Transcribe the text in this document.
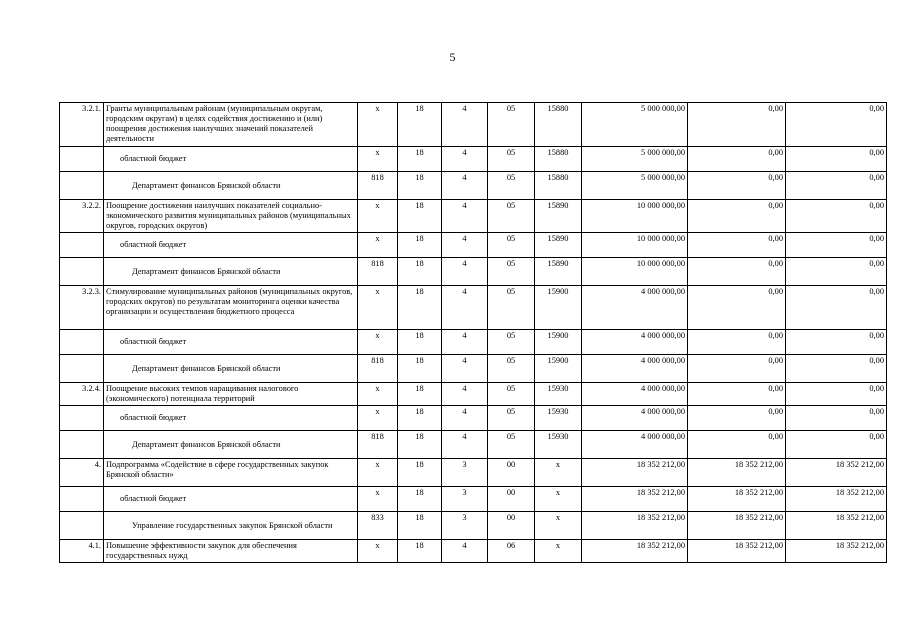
5
3.2.1.	Гранты муниципальным районам (муниципальным округам, городским округам) в целях содействия достижению и (или) поощрения достижения наилучших значений показателей деятельности	х	18	4	05	15880	5 000 000,00	0,00	0,00
	областной бюджет	х	18	4	05	15880	5 000 000,00	0,00	0,00
	Департамент финансов Брянской области	818	18	4	05	15880	5 000 000,00	0,00	0,00
3.2.2.	Поощрение достижения наилучших показателей социально-экономического развития муниципальных районов (муниципальных округов, городских округов)	х	18	4	05	15890	10 000 000,00	0,00	0,00
	областной бюджет	х	18	4	05	15890	10 000 000,00	0,00	0,00
	Департамент финансов Брянской области	818	18	4	05	15890	10 000 000,00	0,00	0,00
3.2.3.	Стимулирование муниципальных районов (муниципальных округов, городских округов) по результатам мониторинга оценки качества организации и осуществления бюджетного процесса	х	18	4	05	15900	4 000 000,00	0,00	0,00
	областной бюджет	х	18	4	05	15900	4 000 000,00	0,00	0,00
	Департамент финансов Брянской области	818	18	4	05	15900	4 000 000,00	0,00	0,00
3.2.4.	Поощрение высоких темпов наращивания налогового (экономического) потенциала территорий	х	18	4	05	15930	4 000 000,00	0,00	0,00
	областной бюджет	х	18	4	05	15930	4 000 000,00	0,00	0,00
	Департамент финансов Брянской области	818	18	4	05	15930	4 000 000,00	0,00	0,00
4.	Подпрограмма «Содействие в сфере государственных закупок Брянской области»	х	18	3	00	х	18 352 212,00	18 352 212,00	18 352 212,00
	областной бюджет	х	18	3	00	х	18 352 212,00	18 352 212,00	18 352 212,00
	Управление государственных закупок Брянской области	833	18	3	00	х	18 352 212,00	18 352 212,00	18 352 212,00
4.1.	Повышение эффективности закупок для обеспечения государственных нужд	х	18	4	06	х	18 352 212,00	18 352 212,00	18 352 212,00
